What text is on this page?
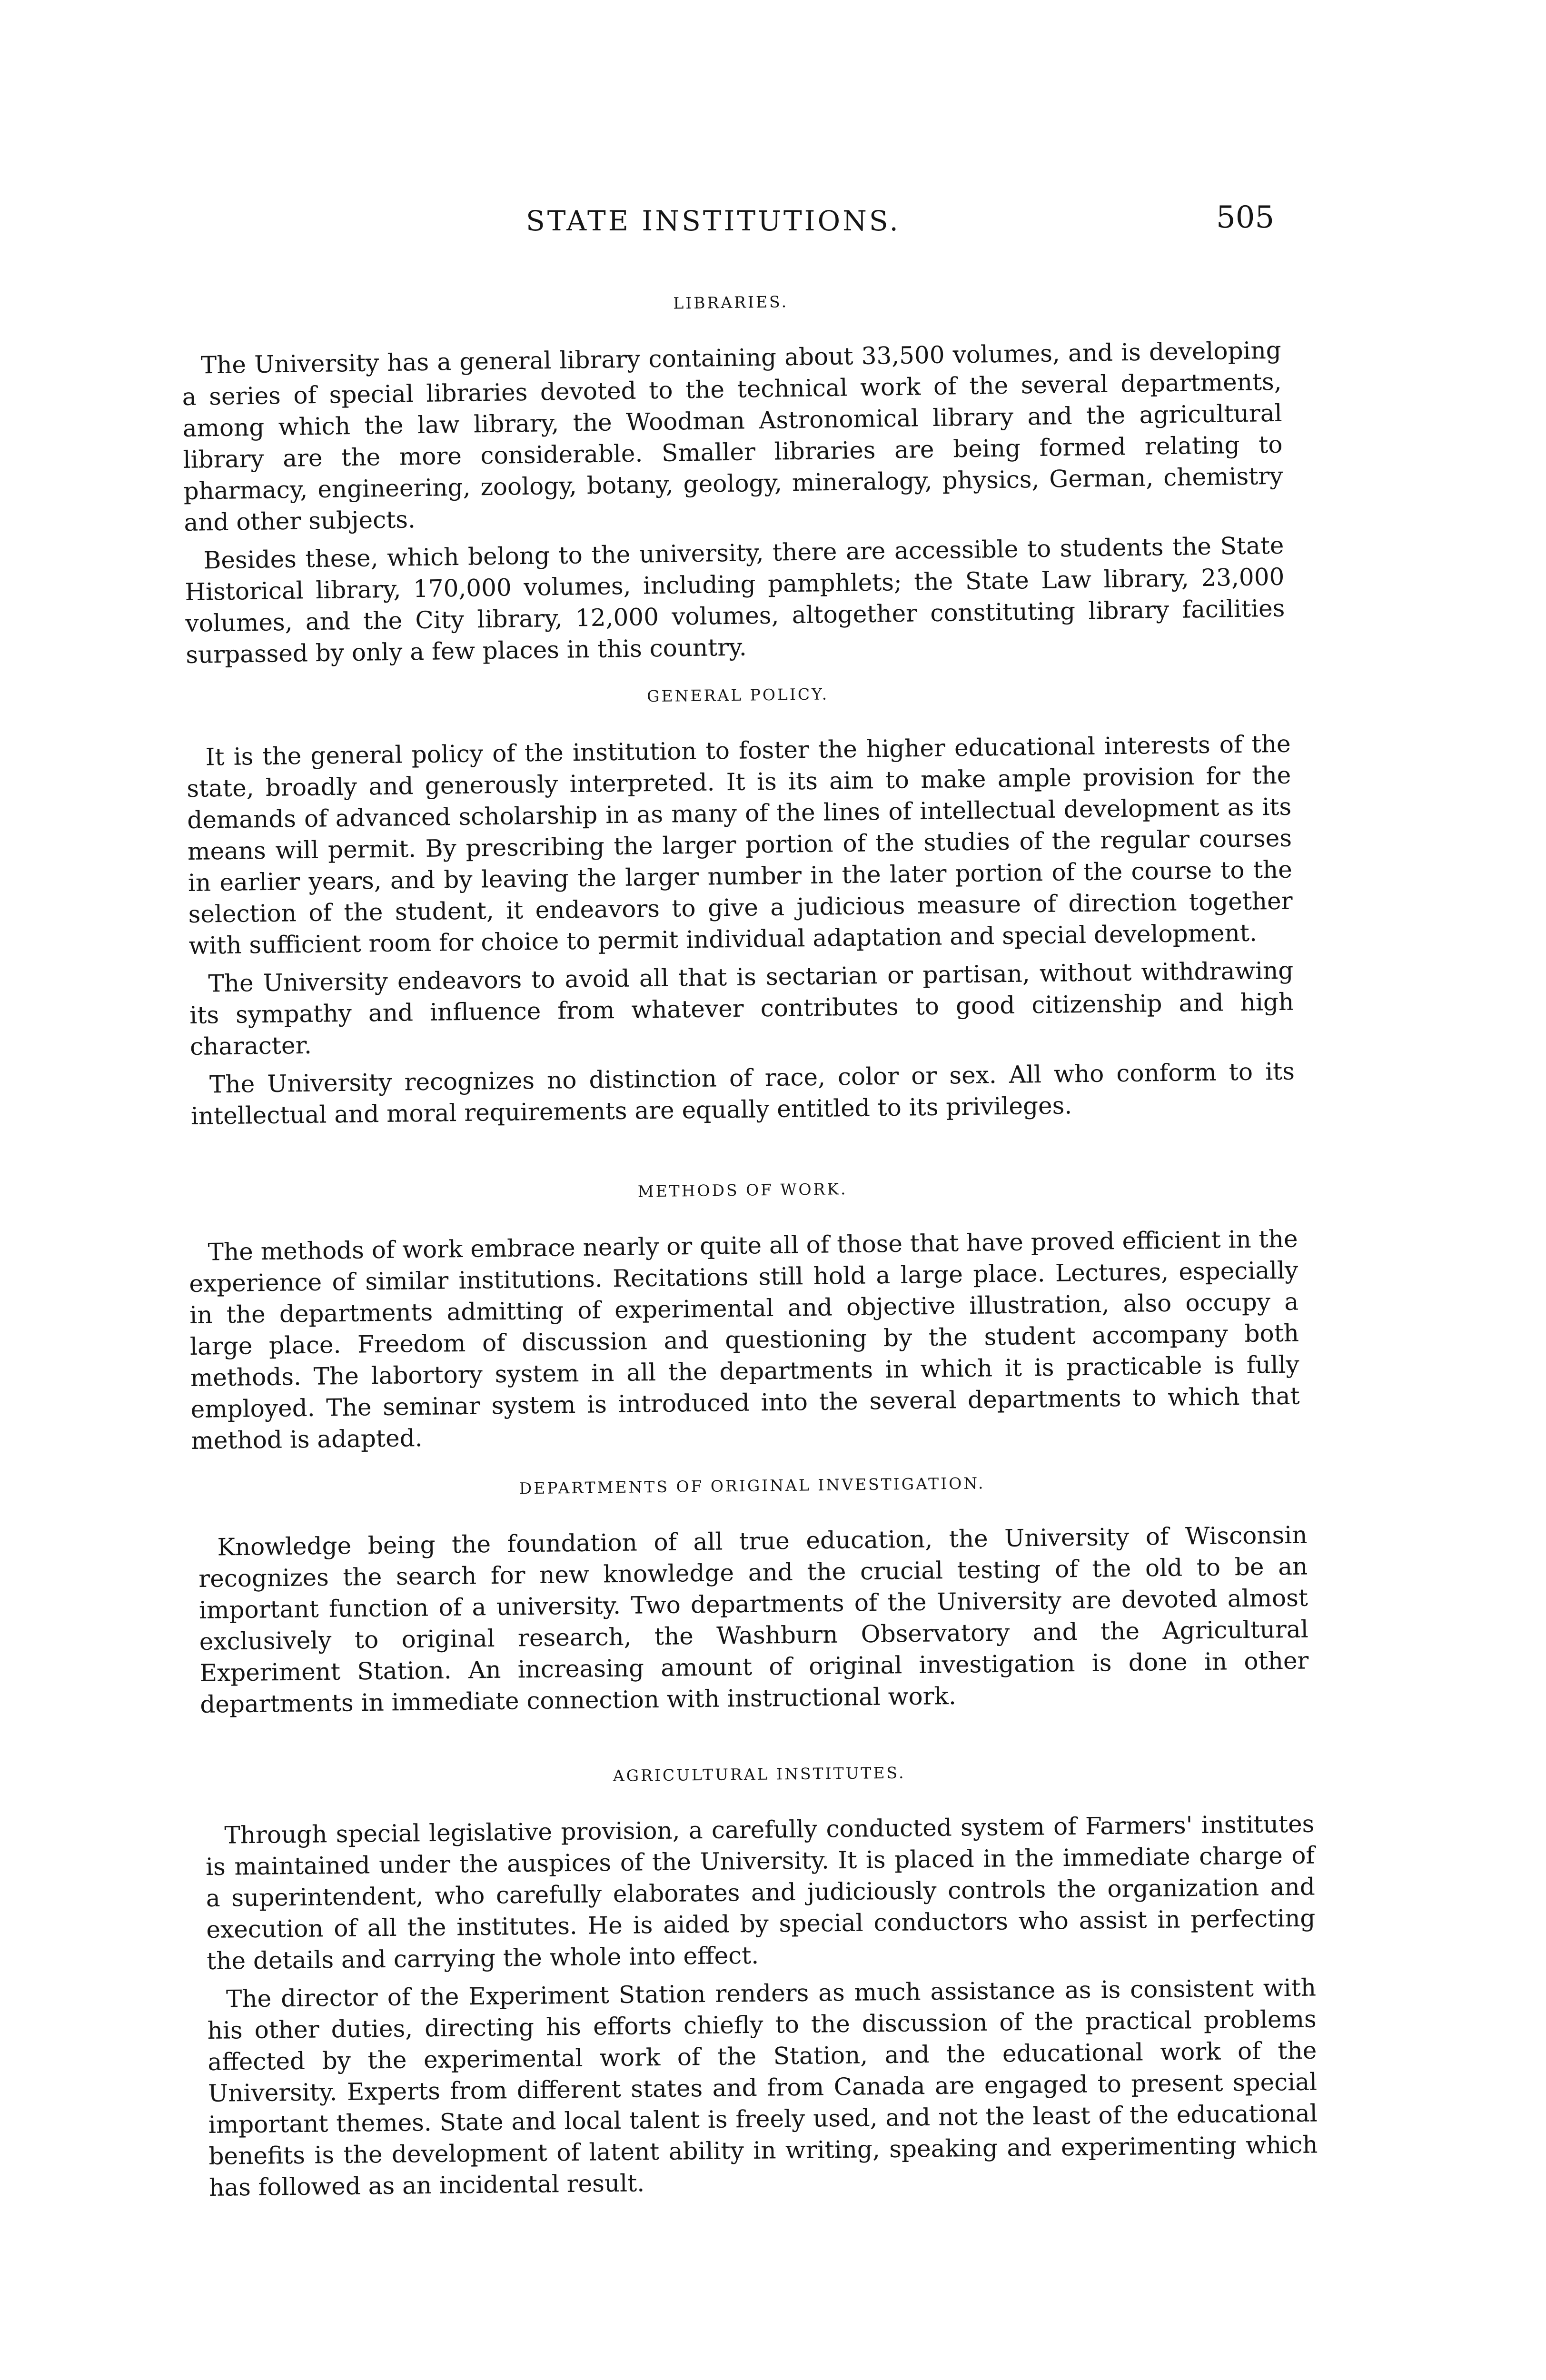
STATE INSTITUTIONS.	505
LIBRARIES.

The University has a general library containing about 33,500 volumes, and is developing a series of special libraries devoted to the technical work of the several departments, among which the law library, the Woodman Astronomical library and the agricultural library are the more considerable. Smaller libraries are being formed relating to pharmacy, engineering, zoology, botany, geology, mineralogy, physics, German, chemistry and other subjects.

Besides these, which belong to the university, there are accessible to students the State Historical library, 170,000 volumes, including pamphlets; the State Law library, 23,000 volumes, and the City library, 12,000 volumes, altogether constituting library facilities surpassed by only a few places in this country.

GENERAL POLICY.

It is the general policy of the institution to foster the higher educational interests of the state, broadly and generously interpreted. It is its aim to make ample provision for the demands of advanced scholarship in as many of the lines of intellectual development as its means will permit. By prescribing the larger portion of the studies of the regular courses in earlier years, and by leaving the larger number in the later portion of the course to the selection of the student, it endeavors to give a judicious measure of direction together with sufficient room for choice to permit individual adaptation and special development.

The University endeavors to avoid all that is sectarian or partisan, without withdrawing its sympathy and influence from whatever contributes to good citizenship and high character.

The University recognizes no distinction of race, color or sex. All who conform to its intellectual and moral requirements are equally entitled to its privileges.

METHODS OF WORK.

The methods of work embrace nearly or quite all of those that have proved efficient in the experience of similar institutions. Recitations still hold a large place. Lectures, especially in the departments admitting of experimental and objective illustration, also occupy a large place. Freedom of discussion and questioning by the student accompany both methods. The labortory system in all the departments in which it is practicable is fully employed. The seminar system is introduced into the several departments to which that method is adapted.

DEPARTMENTS OF ORIGINAL INVESTIGATION.

Knowledge being the foundation of all true education, the University of Wisconsin recognizes the search for new knowledge and the crucial testing of the old to be an important function of a university. Two departments of the University are devoted almost exclusively to original research, the Washburn Observatory and the Agricultural Experiment Station. An increasing amount of original investigation is done in other departments in immediate connection with instructional work.

AGRICULTURAL INSTITUTES.

Through special legislative provision, a carefully conducted system of Farmers' institutes is maintained under the auspices of the University. It is placed in the immediate charge of a superintendent, who carefully elaborates and judiciously controls the organization and execution of all the institutes. He is aided by special conductors who assist in perfecting the details and carrying the whole into effect.

The director of the Experiment Station renders as much assistance as is consistent with his other duties, directing his efforts chiefly to the discussion of the practical problems affected by the experimental work of the Station, and the educational work of the University. Experts from different states and from Canada are engaged to present special important themes. State and local talent is freely used, and not the least of the educational benefits is the development of latent ability in writing, speaking and experimenting which has followed as an incidental result.
